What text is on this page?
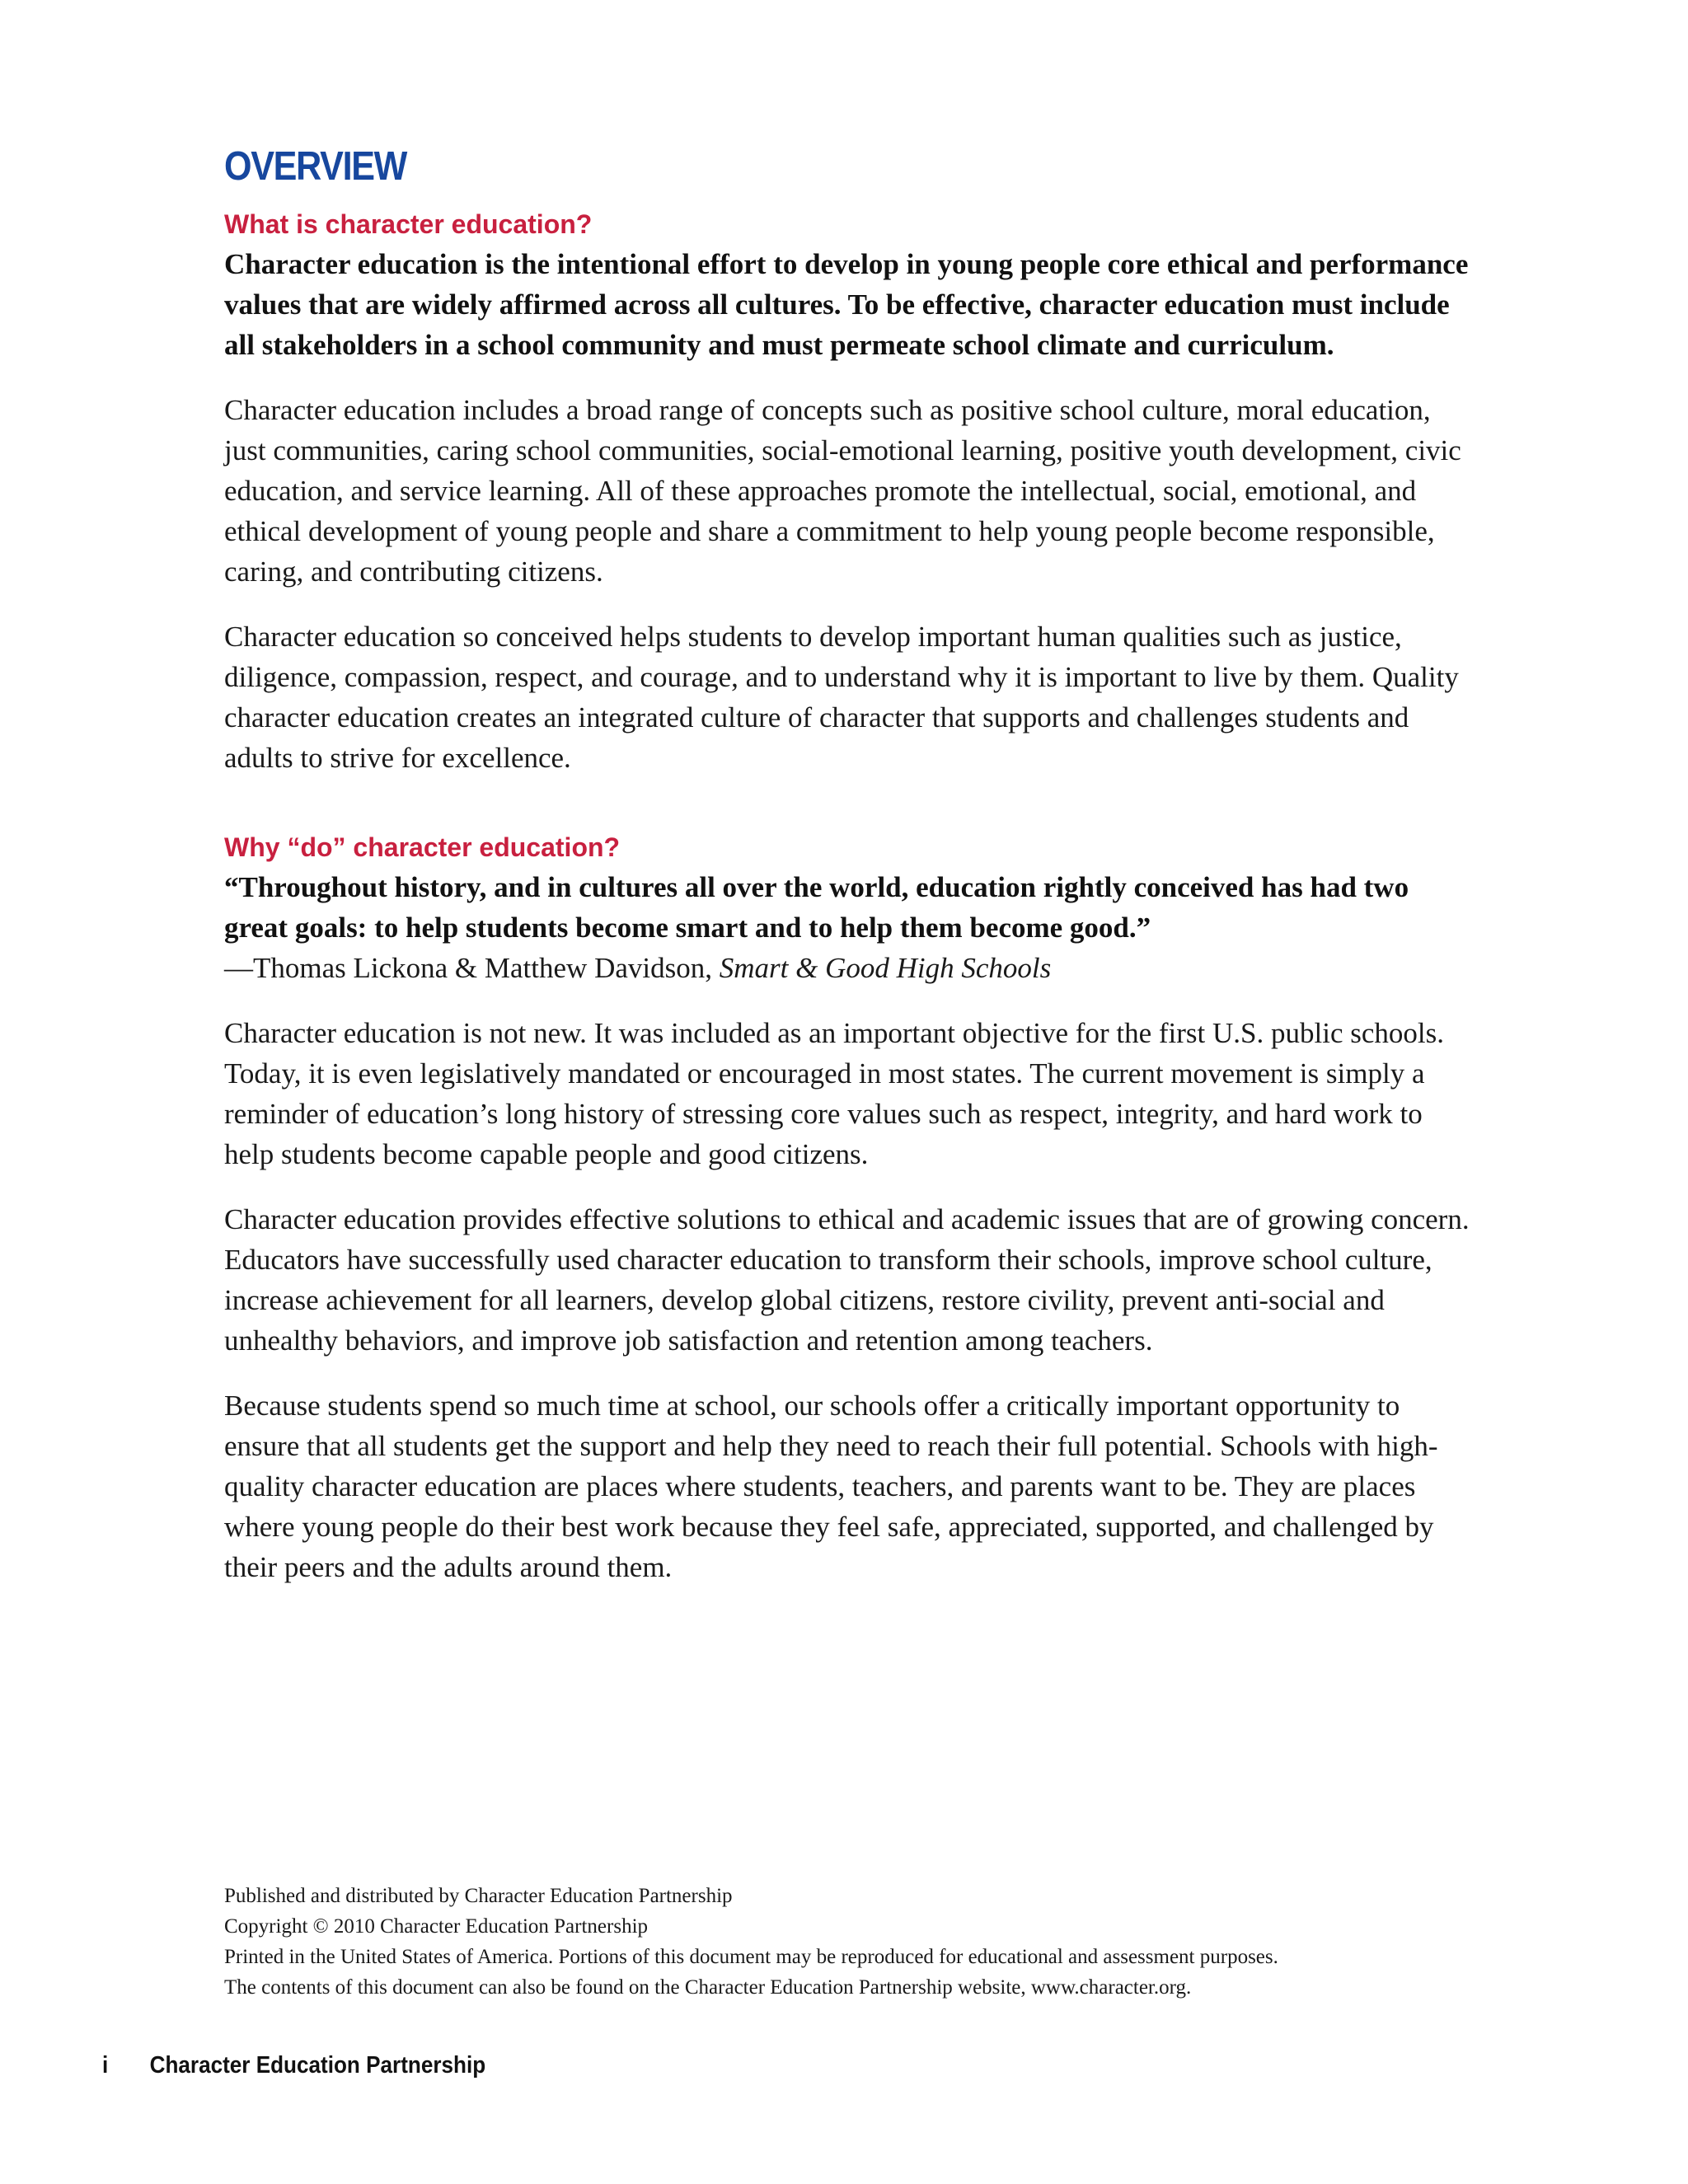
OVERVIEW
What is character education?

Character education is the intentional effort to develop in young people core ethical and performance values that are widely affirmed across all cultures. To be effective, character education must include all stakeholders in a school community and must permeate school climate and curriculum.

Character education includes a broad range of concepts such as positive school culture, moral education, just communities, caring school communities, social-emotional learning, positive youth development, civic education, and service learning. All of these approaches promote the intellectual, social, emotional, and ethical development of young people and share a commitment to help young people become responsible, caring, and contributing citizens.

Character education so conceived helps students to develop important human qualities such as justice, diligence, compassion, respect, and courage, and to understand why it is important to live by them. Quality character education creates an integrated culture of character that supports and challenges students and adults to strive for excellence.

Why “do” character education?

“Throughout history, and in cultures all over the world, education rightly conceived has had two great goals: to help students become smart and to help them become good.”

—Thomas Lickona & Matthew Davidson, Smart & Good High Schools

Character education is not new. It was included as an important objective for the first U.S. public schools. Today, it is even legislatively mandated or encouraged in most states. The current movement is simply a reminder of education’s long history of stressing core values such as respect, integrity, and hard work to help students become capable people and good citizens.

Character education provides effective solutions to ethical and academic issues that are of growing concern. Educators have successfully used character education to transform their schools, improve school culture, increase achievement for all learners, develop global citizens, restore civility, prevent anti-social and unhealthy behaviors, and improve job satisfaction and retention among teachers.

Because students spend so much time at school, our schools offer a critically important opportunity to ensure that all students get the support and help they need to reach their full potential. Schools with high-quality character education are places where students, teachers, and parents want to be. They are places where young people do their best work because they feel safe, appreciated, supported, and challenged by their peers and the adults around them.

Published and distributed by Character Education Partnership

Copyright © 2010 Character Education Partnership

Printed in the United States of America. Portions of this document may be reproduced for educational and assessment purposes.

The contents of this document can also be found on the Character Education Partnership website, www.character.org.

i Character Education Partnership
